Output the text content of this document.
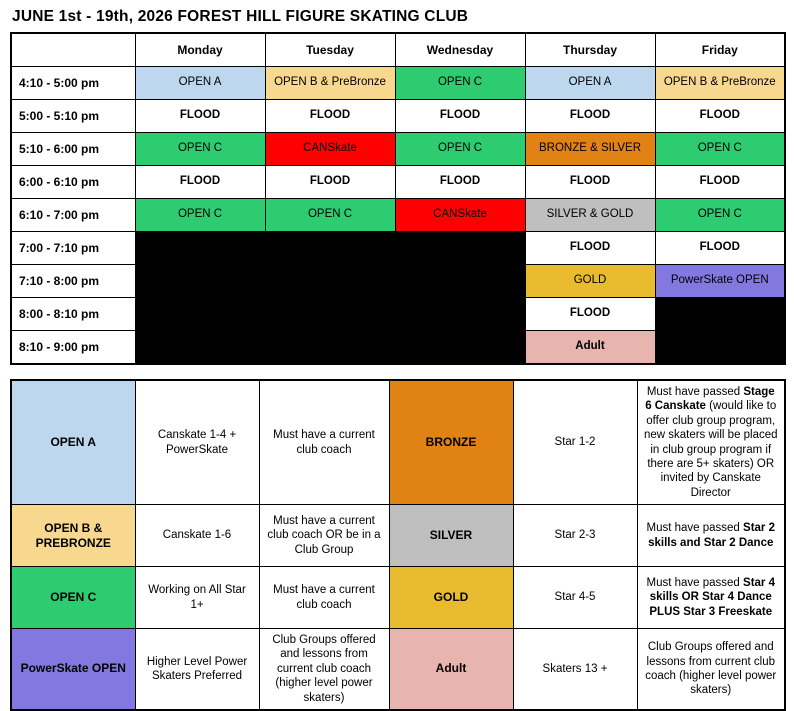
JUNE 1st - 19th, 2026 FOREST HILL FIGURE SKATING CLUB
	Monday	Tuesday	Wednesday	Thursday	Friday
4:10 - 5:00 pm	OPEN A	OPEN B & PreBronze	OPEN C	OPEN A	OPEN B & PreBronze
5:00 - 5:10 pm	FLOOD	FLOOD	FLOOD	FLOOD	FLOOD
5:10 - 6:00 pm	OPEN C	CANSkate	OPEN C	BRONZE & SILVER	OPEN C
6:00 - 6:10 pm	FLOOD	FLOOD	FLOOD	FLOOD	FLOOD
6:10 - 7:00 pm	OPEN C	OPEN C	CANSkate	SILVER & GOLD	OPEN C
7:00 - 7:10 pm				FLOOD	FLOOD
7:10 - 8:00 pm				GOLD	PowerSkate OPEN
8:00 - 8:10 pm				FLOOD	
8:10 - 9:00 pm				Adult	
OPEN A	Canskate 1-4 + PowerSkate	Must have a current club coach	BRONZE	Star 1-2	Must have passed Stage 6 Canskate (would like to offer club group program, new skaters will be placed in club group program if there are 5+ skaters) OR invited by Canskate Director
OPEN B & PREBRONZE	Canskate 1-6	Must have a current club coach OR be in a Club Group	SILVER	Star 2-3	Must have passed Star 2 skills and Star 2 Dance
OPEN C	Working on All Star 1+	Must have a current club coach	GOLD	Star 4-5	Must have passed Star 4 skills OR Star 4 Dance PLUS Star 3 Freeskate
PowerSkate OPEN	Higher Level Power Skaters Preferred	Club Groups offered and lessons from current club coach (higher level power skaters)	Adult	Skaters 13 +	Club Groups offered and lessons from current club coach (higher level power skaters)
